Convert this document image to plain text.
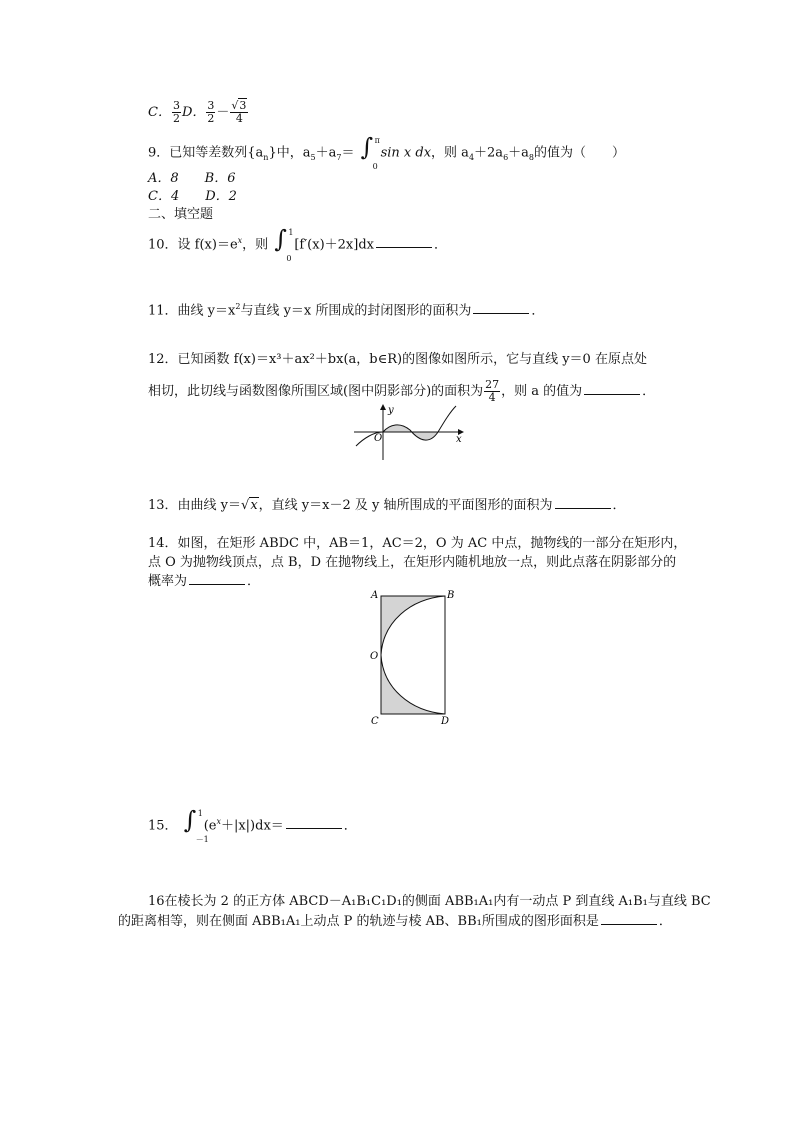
C． $\frac{3}{2}$ D． $\frac{3}{2} - \frac{√3}{4}$
9．已知等差数列$\{a_n\}$中，$a_5+a_7=$ ∫ π
0
sin x dx，则 $a_4+2a_6+a_8$的值为（　　）
A．8　　B．6
C．4　　D．2
二、填空题
10．设 $f(x)=e^x$，则 ∫ 1
0
[f′(x)＋2x]dx	．
11．曲线 $y=x^2$与直线 y＝x 所围成的封闭图形的面积为	．
12．已知函数 f(x)＝x³＋ax²＋bx(a，b∈R)的图像如图所示，它与直线 y＝0 在原点处
相切，此切线与函数图像所围区域(图中阴影部分)的面积为 $\frac{27}{4}$ ，则 a 的值为	．
y
x
O
13．由曲线 y＝√x，直线 y＝x－2 及 y 轴所围成的平面图形的面积为	．
14．如图，在矩形 ABDC 中，AB＝1，AC＝2，O 为 AC 中点，抛物线的一部分在矩形内，
点 O 为抛物线顶点，点 B，D 在抛物线上，在矩形内随机地放一点，则此点落在阴影部分的
概率为	．
A	B
O
C	D
15． ∫ 1
－1
$(e^x+|x|)dx=$	．
16在棱长为 2 的正方体 ABCD－A₁B₁C₁D₁的侧面 ABB₁A₁内有一动点 P 到直线 A₁B₁与直线 BC
的距离相等，则在侧面 ABB₁A₁上动点 P 的轨迹与棱 AB、BB₁所围成的图形面积是	．
